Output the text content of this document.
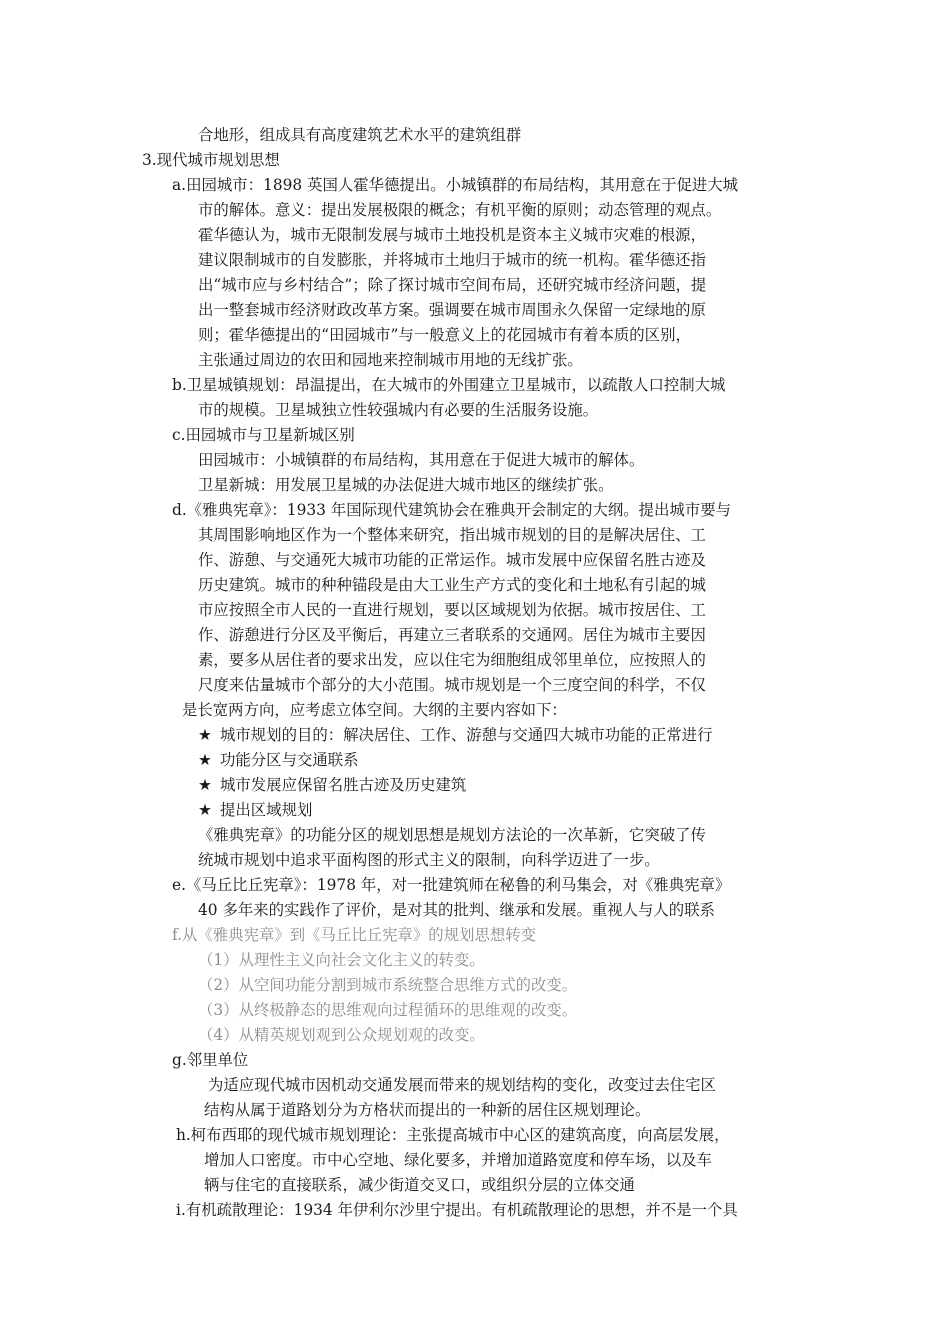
合地形，组成具有高度建筑艺术水平的建筑组群
3.现代城市规划思想
a.田园城市：1898 英国人霍华德提出。小城镇群的布局结构，其用意在于促进大城
市的解体。意义：提出发展极限的概念；有机平衡的原则；动态管理的观点。
霍华德认为，城市无限制发展与城市土地投机是资本主义城市灾难的根源，
建议限制城市的自发膨胀，并将城市土地归于城市的统一机构。霍华德还指
出“城市应与乡村结合”；除了探讨城市空间布局，还研究城市经济问题，提
出一整套城市经济财政改革方案。强调要在城市周围永久保留一定绿地的原
则；霍华德提出的“田园城市”与一般意义上的花园城市有着本质的区别，
主张通过周边的农田和园地来控制城市用地的无线扩张。
b.卫星城镇规划：昂温提出，在大城市的外围建立卫星城市，以疏散人口控制大城
市的规模。卫星城独立性较强城内有必要的生活服务设施。
c.田园城市与卫星新城区别
田园城市：小城镇群的布局结构，其用意在于促进大城市的解体。
卫星新城：用发展卫星城的办法促进大城市地区的继续扩张。
d.《雅典宪章》：1933 年国际现代建筑协会在雅典开会制定的大纲。提出城市要与
其周围影响地区作为一个整体来研究，指出城市规划的目的是解决居住、工
作、游憩、与交通死大城市功能的正常运作。城市发展中应保留名胜古迹及
历史建筑。城市的种种锚段是由大工业生产方式的变化和土地私有引起的城
市应按照全市人民的一直进行规划，要以区域规划为依据。城市按居住、工
作、游憩进行分区及平衡后，再建立三者联系的交通网。居住为城市主要因
素，要多从居住者的要求出发，应以住宅为细胞组成邻里单位，应按照人的
尺度来估量城市个部分的大小范围。城市规划是一个三度空间的科学，不仅
是长宽两方向，应考虑立体空间。大纲的主要内容如下：
★ 城市规划的目的：解决居住、工作、游憩与交通四大城市功能的正常进行
★ 功能分区与交通联系
★ 城市发展应保留名胜古迹及历史建筑
★ 提出区域规划
《雅典宪章》的功能分区的规划思想是规划方法论的一次革新，它突破了传
统城市规划中追求平面构图的形式主义的限制，向科学迈进了一步。
e.《马丘比丘宪章》：1978 年，对一批建筑师在秘鲁的利马集会，对《雅典宪章》
40 多年来的实践作了评价，是对其的批判、继承和发展。重视人与人的联系
f.从《雅典宪章》到《马丘比丘宪章》的规划思想转变
（1）从理性主义向社会文化主义的转变。
（2）从空间功能分割到城市系统整合思维方式的改变。
（3）从终极静态的思维观向过程循环的思维观的改变。
（4）从精英规划观到公众规划观的改变。
g.邻里单位
为适应现代城市因机动交通发展而带来的规划结构的变化，改变过去住宅区
结构从属于道路划分为方格状而提出的一种新的居住区规划理论。
h.柯布西耶的现代城市规划理论：主张提高城市中心区的建筑高度，向高层发展，
增加人口密度。市中心空地、绿化要多，并增加道路宽度和停车场，以及车
辆与住宅的直接联系，减少街道交叉口，或组织分层的立体交通
i.有机疏散理论：1934 年伊利尔沙里宁提出。有机疏散理论的思想，并不是一个具
